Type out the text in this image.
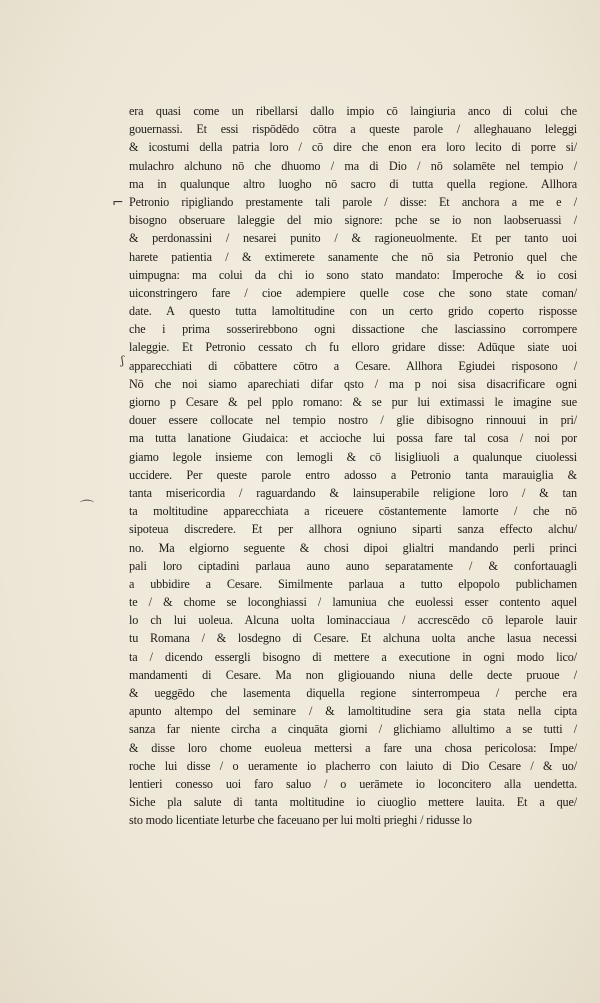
⌐
ʃ
⌒
era quasi come un ribellarsi dallo impio cō laingiuria anco di colui che
gouernassi. Et essi rispōdēdo cōtra a queste parole / alleghauano leleggi
& icostumi della patria loro / cō dire che enon era loro lecito di porre si/
mulachro alchuno nō che dhuomo / ma di Dio / nō solamēte nel tempio /
ma in qualunque altro luogho nō sacro di tutta quella regione. Allhora
Petronio ripigliando prestamente tali parole / disse: Et anchora a me e /
bisogno obseruare laleggie del mio signore: pche se io non laobseruassi /
& perdonassini / nesarei punito / & ragioneuolmente. Et per tanto uoi
harete patientia / & extimerete sanamente che nō sia Petronio quel che
uimpugna: ma colui da chi io sono stato mandato: Imperoche & io cosi
uiconstringero fare / cioe adempiere quelle cose che sono state coman/
date. A questo tutta lamoltitudine con un certo grido coperto risposse
che i prima sosserirebbono ogni dissactione che lasciassino corrompere
laleggie. Et Petronio cessato ch fu elloro gridare disse: Adūque siate uoi
apparecchiati di cōbattere cōtro a Cesare. Allhora Egiudei risposono /
Nō che noi siamo aparechiati difar qsto / ma p noi sisa disacrificare ogni
giorno p Cesare & pel pplo romano: & se pur lui extimassi le imagine sue
douer essere collocate nel tempio nostro / glie dibisogno rinnouui in pri/
ma tutta lanatione Giudaica: et accioche lui possa fare tal cosa / noi por
giamo legole insieme con lemogli & cō lisigliuoli a qualunque ciuolessi
uccidere. Per queste parole entro adosso a Petronio tanta marauiglia &
tanta misericordia / raguardando & lainsuperabile religione loro / & tan
ta moltitudine apparecchiata a riceuere cōstantemente lamorte / che nō
sipoteua discredere. Et per allhora ogniuno siparti sanza effecto alchu/
no. Ma elgiorno seguente & chosi dipoi glialtri mandando perli princi
pali loro ciptadini parlaua auno auno separatamente / & confortauagli
a ubbidire a Cesare. Similmente parlaua a tutto elpopolo publichamen
te / & chome se loconghiassi / lamuniua che euolessi esser contento aquel
lo ch lui uoleua. Alcuna uolta lominacciaua / accrescēdo cō leparole lauir
tu Romana / & losdegno di Cesare. Et alchuna uolta anche lasua necessi
ta / dicendo essergli bisogno di mettere a executione in ogni modo lico/
mandamenti di Cesare. Ma non gligiouando niuna delle decte pruoue /
& ueggēdo che lasementa diquella regione sinterrompeua / perche era
apunto altempo del seminare / & lamoltitudine sera gia stata nella cipta
sanza far niente circha a cinquāta giorni / glichiamo allultimo a se tutti /
& disse loro chome euoleua mettersi a fare una chosa pericolosa: Impe/
roche lui disse / o ueramente io placherro con laiuto di Dio Cesare / & uo/
lentieri conesso uoi faro saluo / o uerāmete io loconcitero alla uendetta.
Siche pla salute di tanta moltitudine io ciuoglio mettere lauita. Et a que/
sto modo licentiate leturbe che faceuano per lui molti prieghi / ridusse lo
